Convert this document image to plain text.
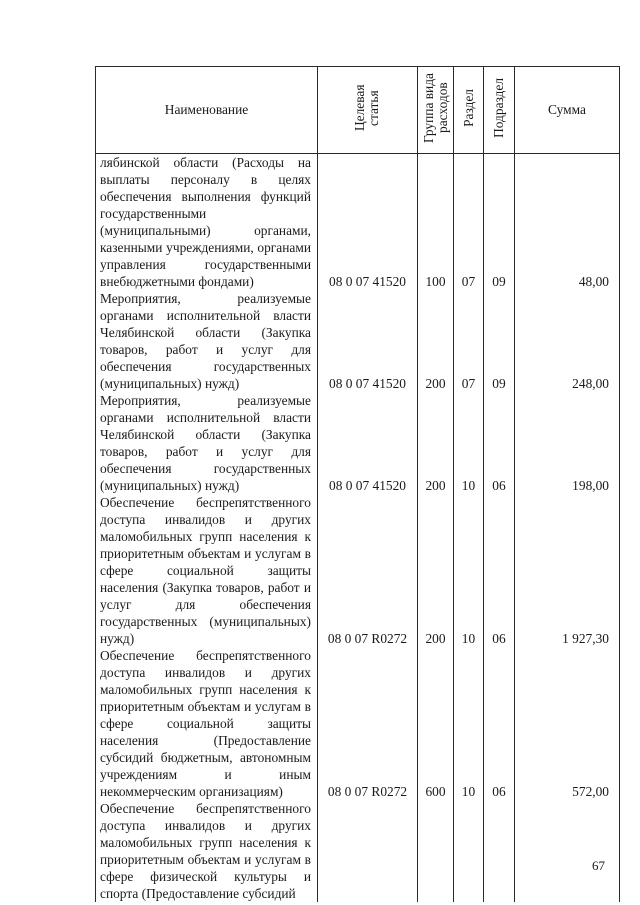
Наименование	Целевая статья	Группа вида расходов	Раздел	Подраздел	Сумма
лябинской области (Расходы на выплаты персоналу в целях обеспечения выполнения функций государственными (муниципальными) органами, казенными учреждениями, органами управления государственными внебюджетными фондами)	08 0 07 41520	100	07	09	48,00
Мероприятия, реализуемые органами исполнительной власти Челябинской области (Закупка товаров, работ и услуг для обеспечения государственных (муниципальных) нужд)	08 0 07 41520	200	07	09	248,00
Мероприятия, реализуемые органами исполнительной власти Челябинской области (Закупка товаров, работ и услуг для обеспечения государственных (муниципальных) нужд)	08 0 07 41520	200	10	06	198,00
Обеспечение беспрепятственного доступа инвалидов и других маломобильных групп населения к приоритетным объектам и услугам в сфере социальной защиты населения (Закупка товаров, работ и услуг для обеспечения государственных (муниципальных) нужд)	08 0 07 R0272	200	10	06	1 927,30
Обеспечение беспрепятственного доступа инвалидов и других маломобильных групп населения к приоритетным объектам и услугам в сфере социальной защиты населения (Предоставление субсидий бюджетным, автономным учреждениям и иным некоммерческим организациям)	08 0 07 R0272	600	10	06	572,00
Обеспечение беспрепятственного доступа инвалидов и других маломобильных групп населения к приоритетным объектам и услугам в сфере физической культуры и спорта (Предоставление субсидий					
67
